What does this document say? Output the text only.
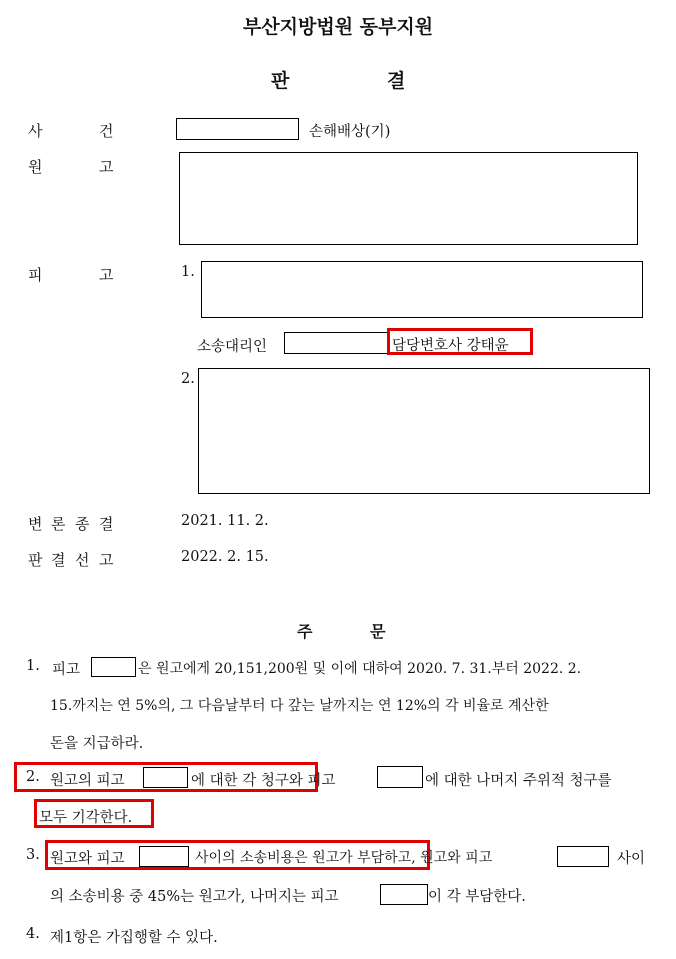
부산지방법원 동부지원
판	결
사	건	손해배상(기)
원	고
피	고	1.
소송대리인	담당변호사 강태윤
2.
변 론 종 결	2021. 11. 2.
판 결 선 고	2022. 2. 15.
주	문
1. 피고	은 원고에게 20,151,200원 및 이에 대하여 2020. 7. 31.부터 2022. 2.
15.까지는 연 5%의, 그 다음날부터 다 갚는 날까지는 연 12%의 각 비율로 계산한
돈을 지급하라.
2. 원고의 피고	에 대한 각 청구와 피고	에 대한 나머지 주위적 청구를
모두 기각한다.
3. 원고와 피고	사이의 소송비용은 원고가 부담하고, 원고와 피고	사이
의 소송비용 중 45%는 원고가, 나머지는 피고	이 각 부담한다.
4. 제1항은 가집행할 수 있다.
